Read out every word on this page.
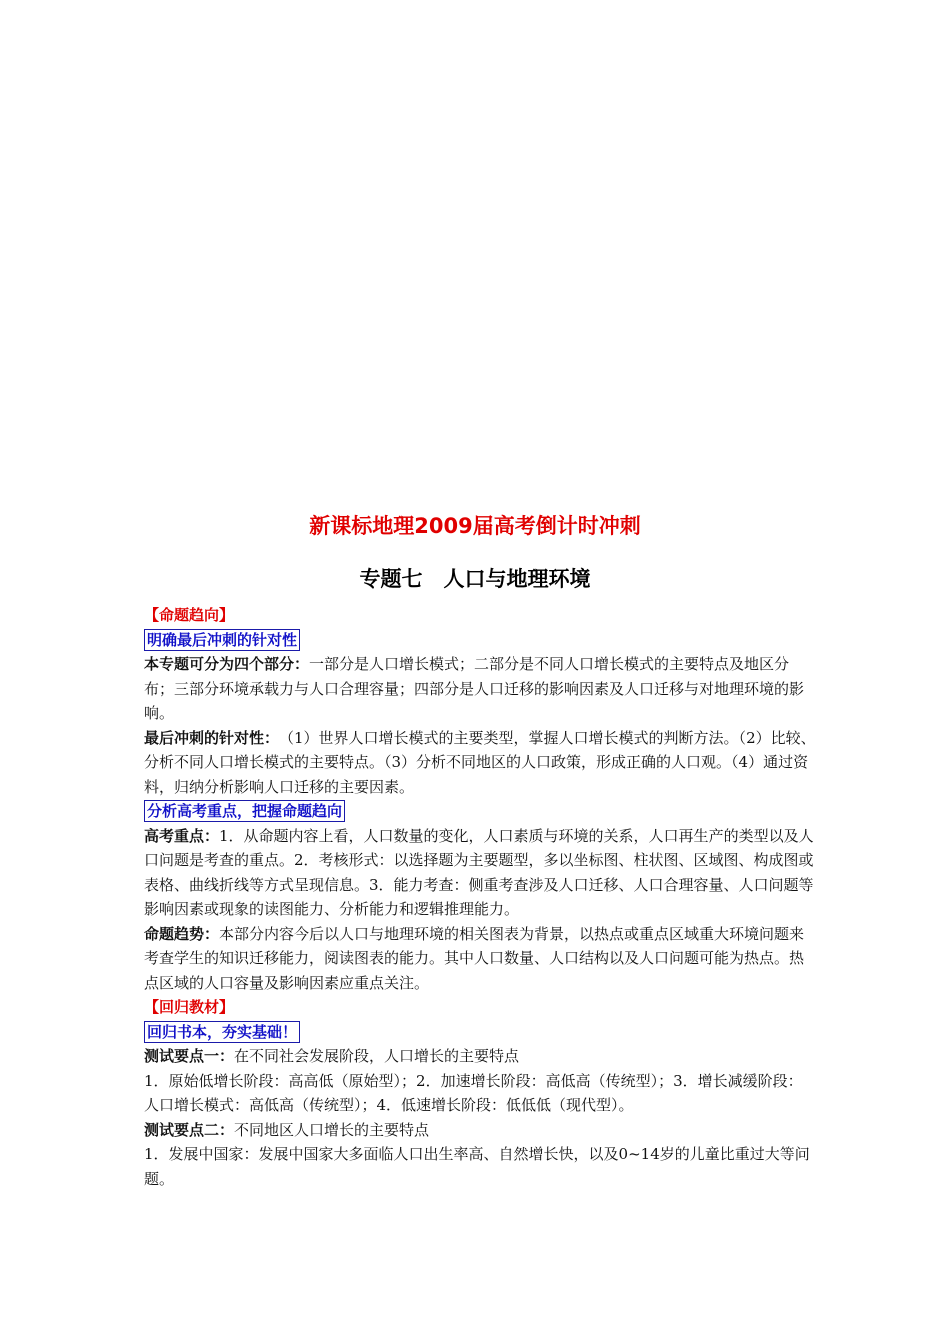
新课标地理2009届高考倒计时冲刺
专题七　人口与地理环境

【命题趋向】

明确最后冲刺的针对性

本专题可分为四个部分：一部分是人口增长模式；二部分是不同人口增长模式的主要特点及地区分布；三部分环境承载力与人口合理容量；四部分是人口迁移的影响因素及人口迁移与对地理环境的影响。

最后冲刺的针对性：　（1）世界人口增长模式的主要类型，掌握人口增长模式的判断方法。（2）比较、分析不同人口增长模式的主要特点。（3）分析不同地区的人口政策，形成正确的人口观。（4）通过资料，归纳分析影响人口迁移的主要因素。

分析高考重点，把握命题趋向

高考重点：1．从命题内容上看，人口数量的变化，人口素质与环境的关系，人口再生产的类型以及人口问题是考查的重点。2．考核形式：以选择题为主要题型，多以坐标图、柱状图、区域图、构成图或表格、曲线折线等方式呈现信息。3．能力考查：侧重考查涉及人口迁移、人口合理容量、人口问题等影响因素或现象的读图能力、分析能力和逻辑推理能力。

命题趋势：本部分内容今后以人口与地理环境的相关图表为背景，以热点或重点区域重大环境问题来考查学生的知识迁移能力，阅读图表的能力。其中人口数量、人口结构以及人口问题可能为热点。热点区域的人口容量及影响因素应重点关注。

【回归教材】

回归书本，夯实基础！

测试要点一：在不同社会发展阶段，人口增长的主要特点

1．原始低增长阶段：高高低（原始型）；2．加速增长阶段：高低高（传统型）；3．增长减缓阶段：人口增长模式：高低高（传统型）；4．低速增长阶段：低低低（现代型）。

测试要点二：不同地区人口增长的主要特点

1．发展中国家：发展中国家大多面临人口出生率高、自然增长快，以及0~14岁的儿童比重过大等问题。
